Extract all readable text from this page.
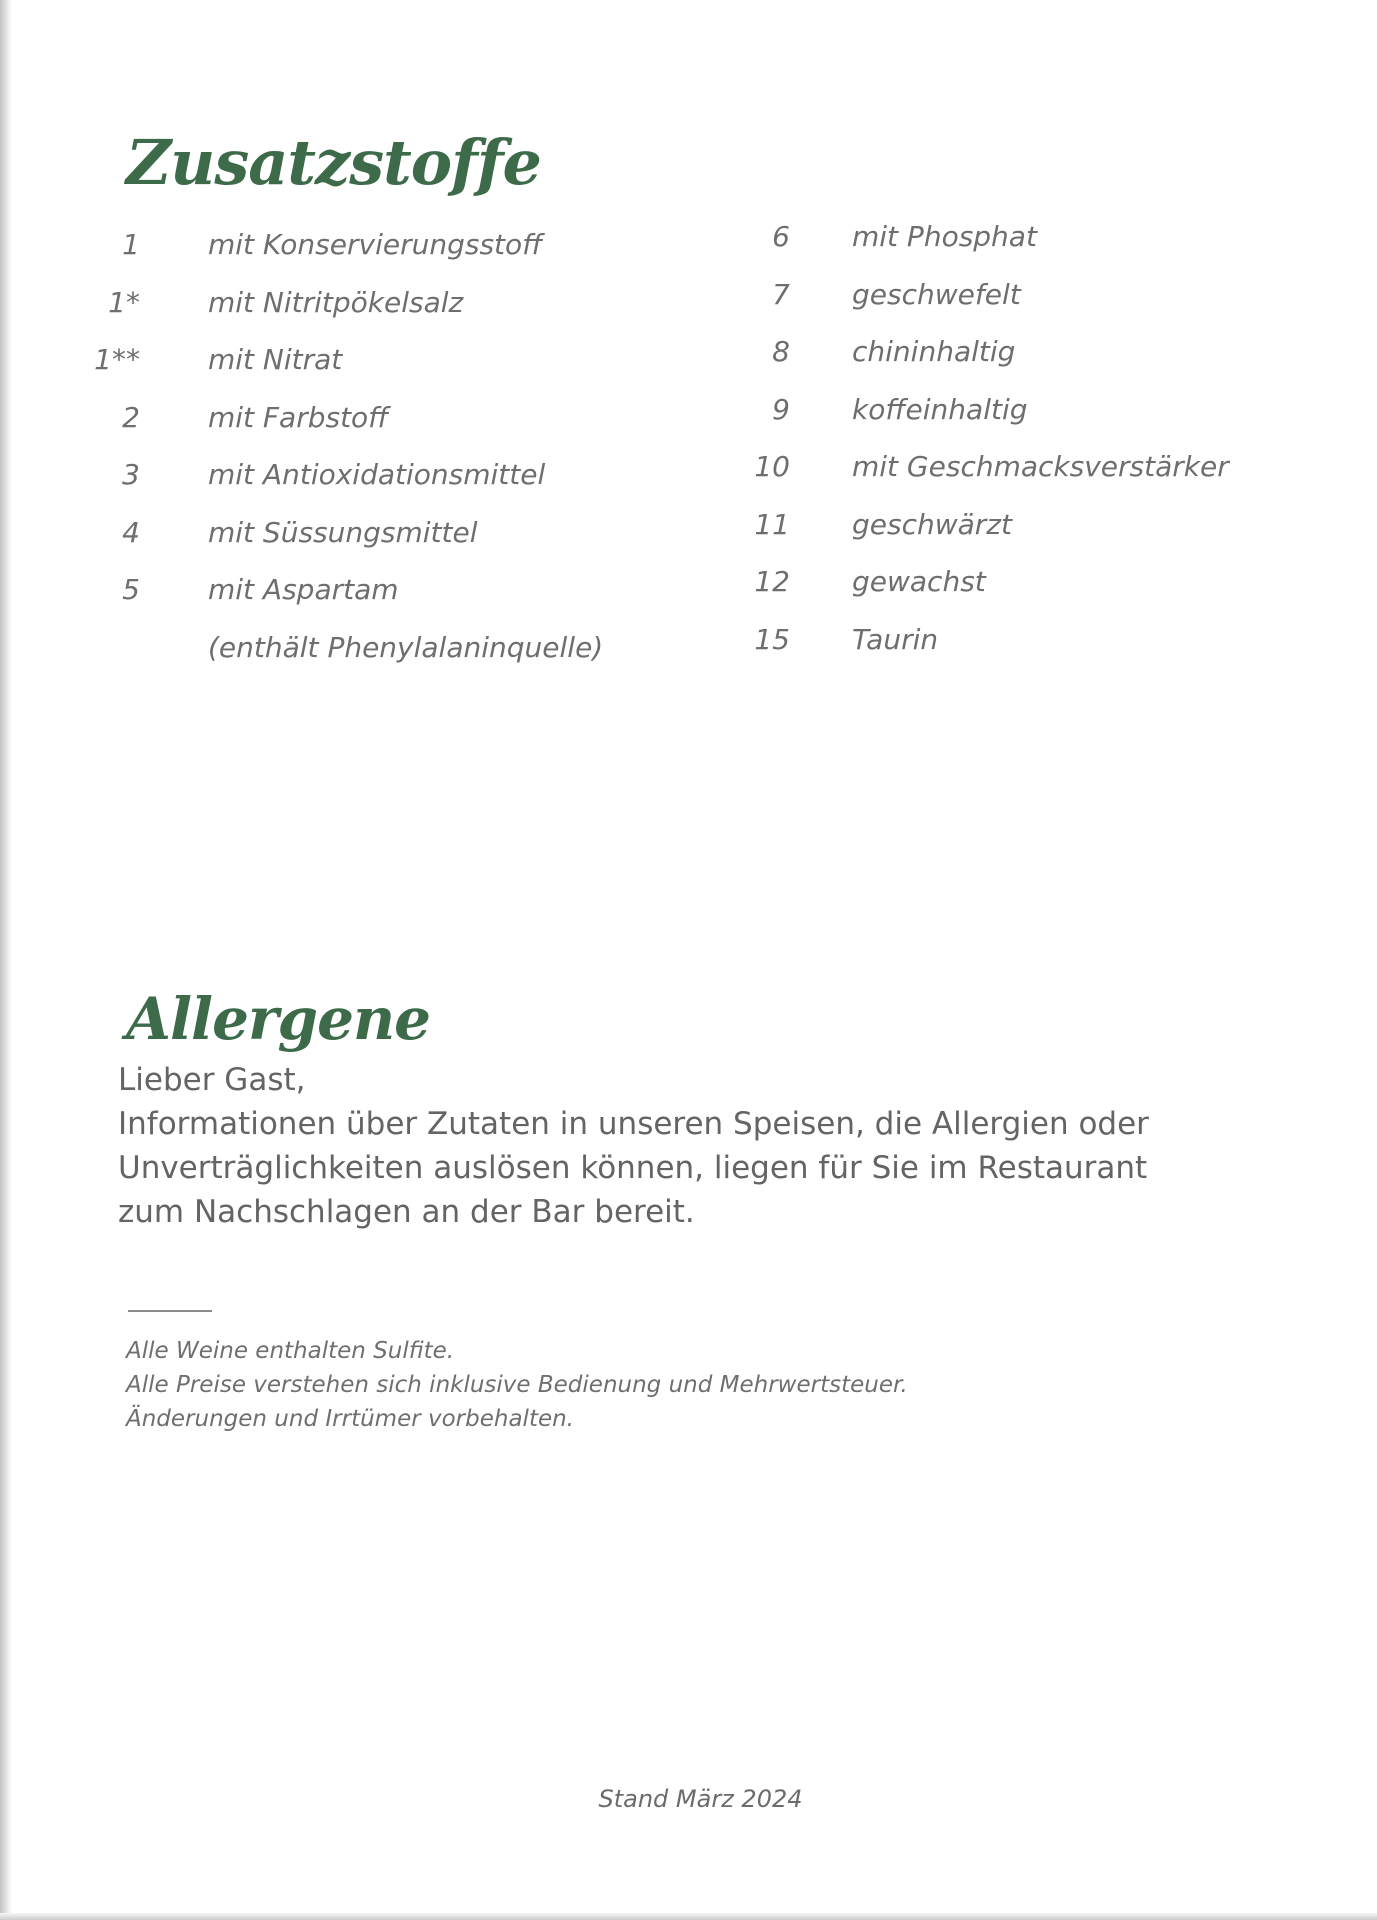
Zusatzstoffe
1 mit Konservierungsstoff
1* mit Nitritpökelsalz
1** mit Nitrat
2 mit Farbstoff
3 mit Antioxidationsmittel
4 mit Süssungsmittel
5 mit Aspartam
(enthält Phenylalaninquelle)
6 mit Phosphat
7 geschwefelt
8 chininhaltig
9 koffeinhaltig
10 mit Geschmacksverstärker
11 geschwärzt
12 gewachst
15 Taurin
Allergene
Lieber Gast,
Informationen über Zutaten in unseren Speisen, die Allergien oder Unverträglichkeiten auslösen können, liegen für Sie im Restaurant zum Nachschlagen an der Bar bereit.
Alle Weine enthalten Sulfite.
Alle Preise verstehen sich inklusive Bedienung und Mehrwertsteuer.
Änderungen und Irrtümer vorbehalten.
Stand März 2024
